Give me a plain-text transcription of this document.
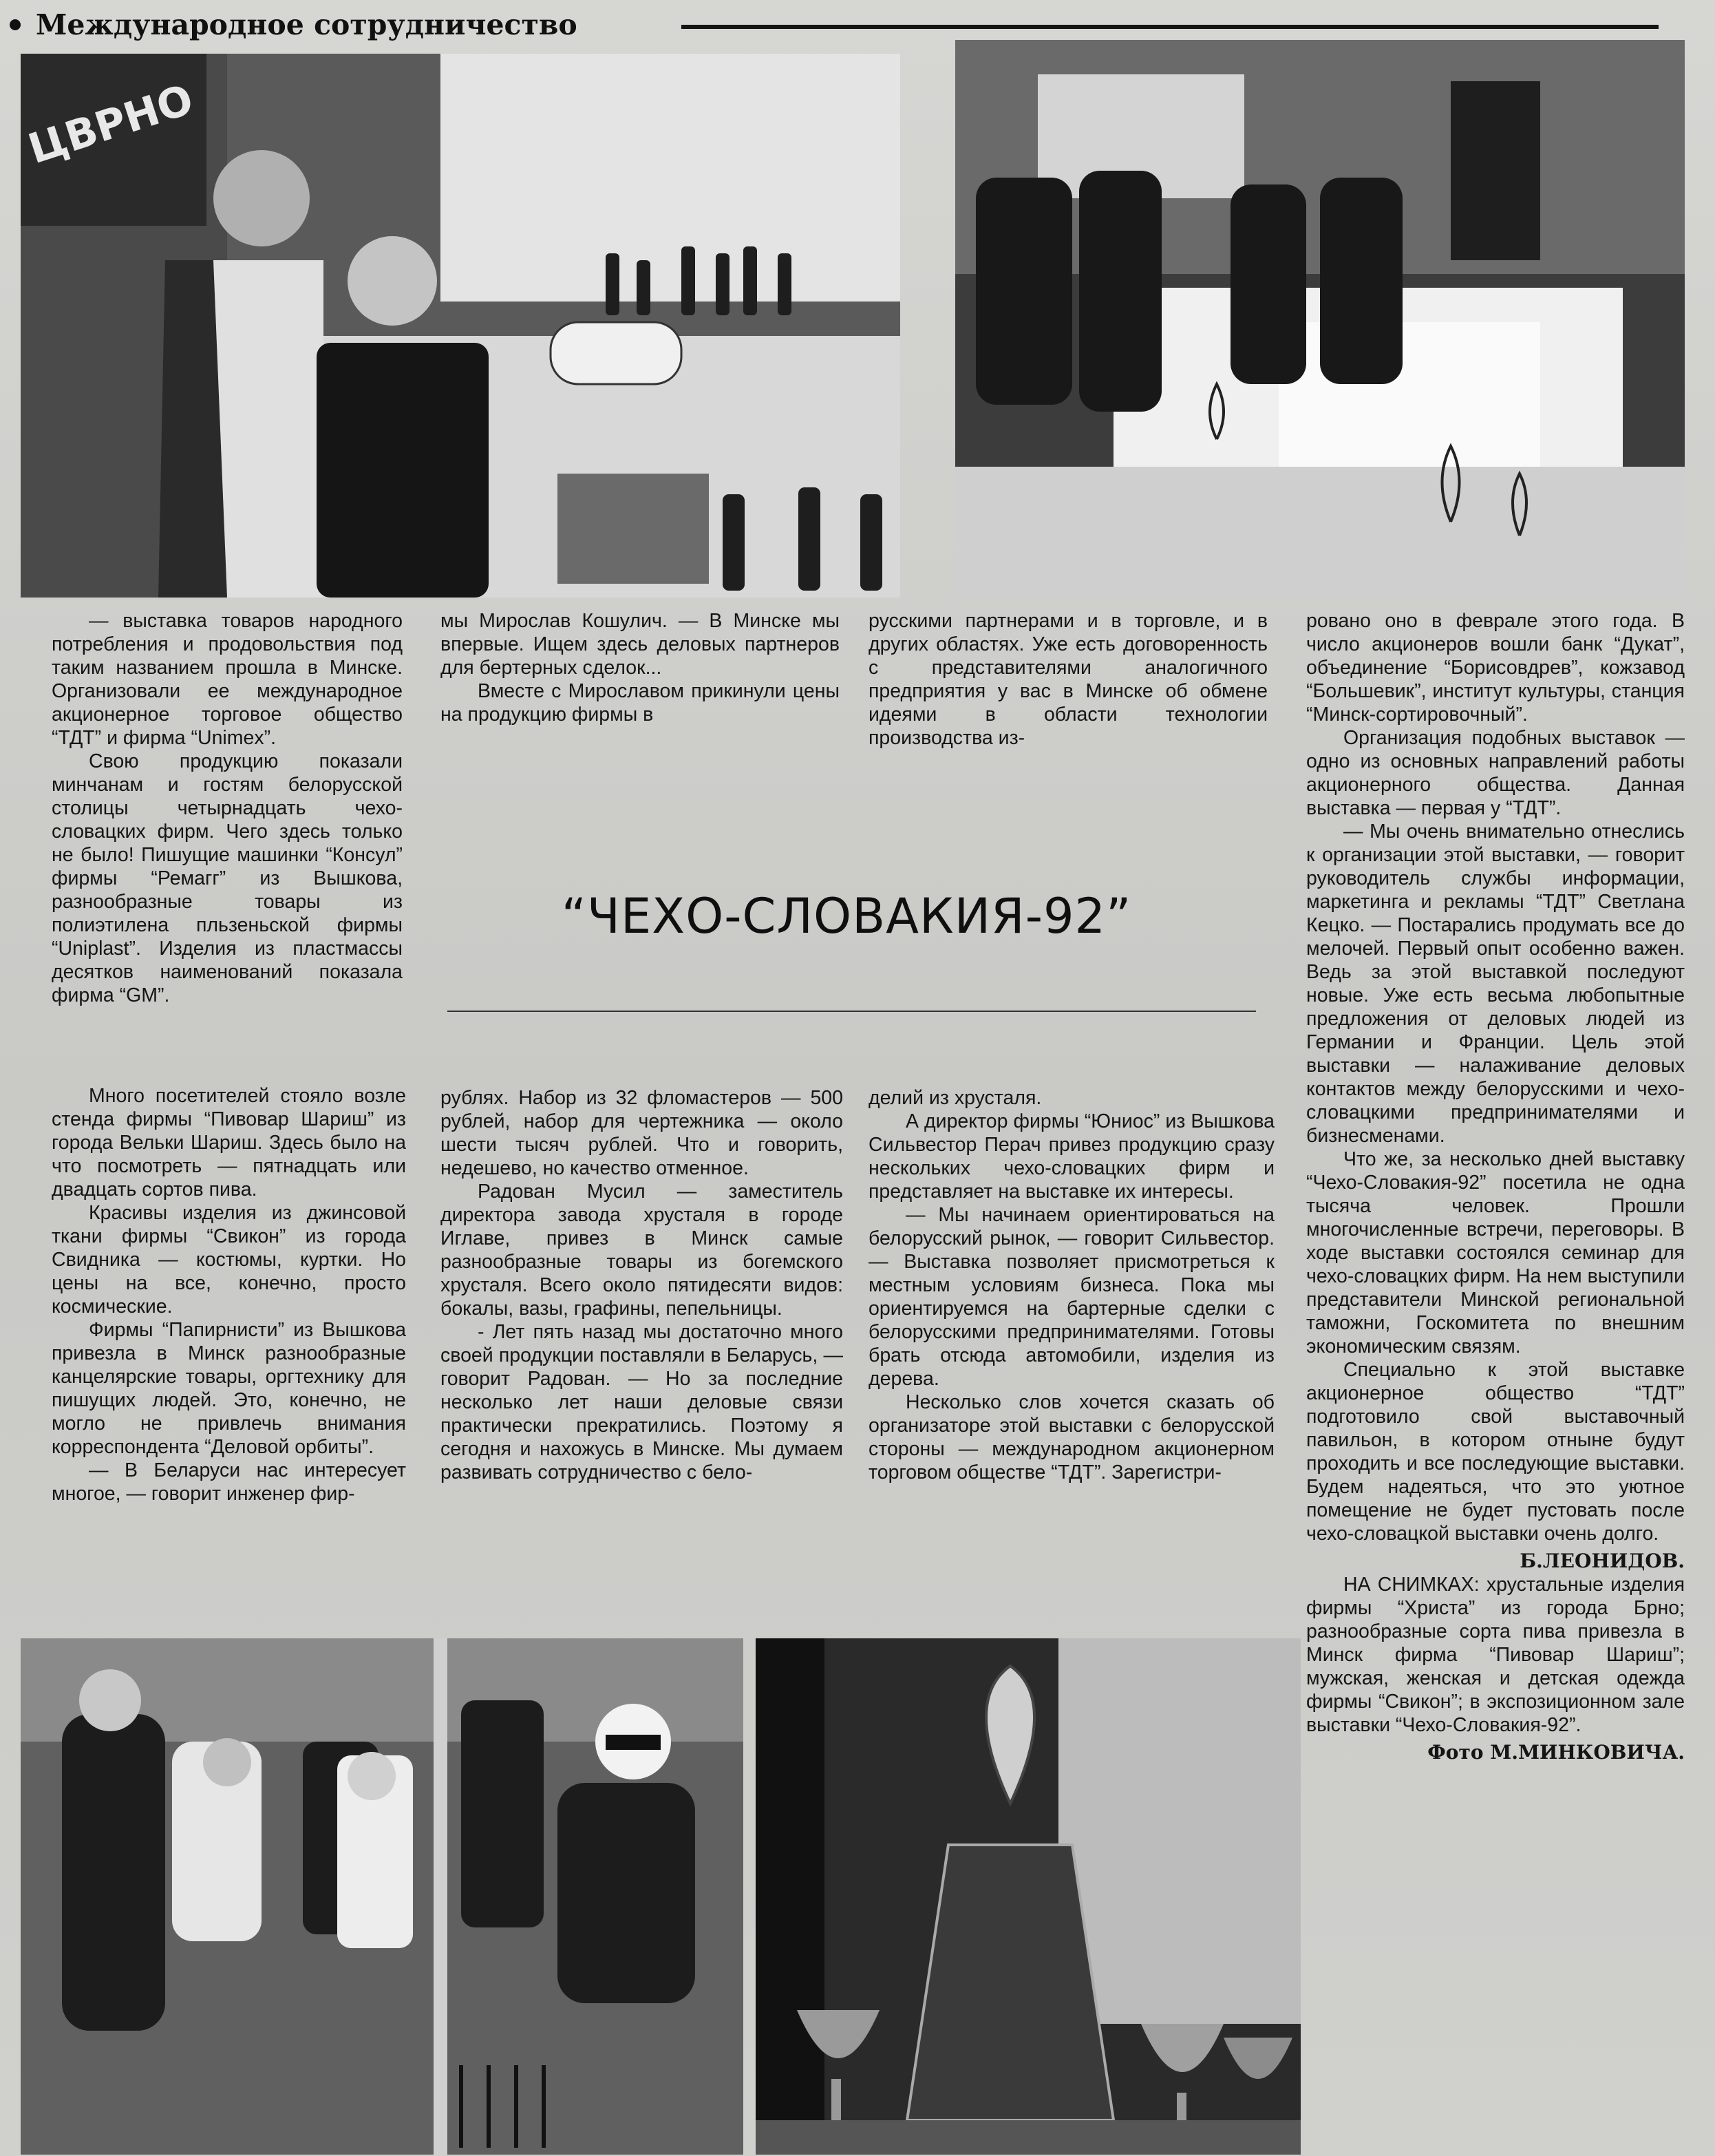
Международное сотрудничество
ЦВРНО

— выставка товаров народного потребления и продовольствия под таким названием прошла в Минске. Организовали ее международное акционерное торговое общество “ТДТ” и фирма “Unimex”.

Свою продукцию показали минчанам и гостям белорусской столицы четырнадцать чехо-словацких фирм. Чего здесь только не было! Пишущие машинки “Консул” фирмы “Ремагг” из Вышкова, разнообразные товары из полиэтилена пльзеньской фирмы “Uniplast”. Изделия из пластмассы десятков наименований показала фирма “GM”.

мы Мирослав Кошулич. — В Минске мы впервые. Ищем здесь деловых партнеров для бертерных сделок...

Вместе с Мирославом прикинули цены на продукцию фирмы в

русскими партнерами и в торговле, и в других областях. Уже есть договоренность с представителями аналогичного предприятия у вас в Минске об обмене идеями в области технологии производства из-

“ЧЕХО-СЛОВАКИЯ-92”

Много посетителей стояло возле стенда фирмы “Пивовар Шариш” из города Вельки Шариш. Здесь было на что посмотреть — пятнадцать или двадцать сортов пива.

Красивы изделия из джинсовой ткани фирмы “Свикон” из города Свидника — костюмы, куртки. Но цены на все, конечно, просто космические.

Фирмы “Папирнисти” из Вышкова привезла в Минск разнообразные канцелярские товары, оргтехнику для пишущих людей. Это, конечно, не могло не привлечь внимания корреспондента “Деловой орбиты”.

— В Беларуси нас интересует многое, — говорит инженер фир-

рублях. Набор из 32 фломастеров — 500 рублей, набор для чертежника — около шести тысяч рублей. Что и говорить, недешево, но качество отменное.

Радован Мусил — заместитель директора завода хрусталя в городе Иглаве, привез в Минск самые разнообразные товары из богемского хрусталя. Всего около пятидесяти видов: бокалы, вазы, графины, пепельницы.

- Лет пять назад мы достаточно много своей продукции поставляли в Беларусь, — говорит Радован. — Но за последние несколько лет наши деловые связи практически прекратились. Поэтому я сегодня и нахожусь в Минске. Мы думаем развивать сотрудничество с бело-

делий из хрусталя.

А директор фирмы “Юниос” из Вышкова Сильвестор Перач привез продукцию сразу нескольких чехо-словацких фирм и представляет на выставке их интересы.

— Мы начинаем ориентироваться на белорусский рынок, — говорит Сильвестор. — Выставка позволяет присмотреться к местным условиям бизнеса. Пока мы ориентируемся на бартерные сделки с белорусскими предпринимателями. Готовы брать отсюда автомобили, изделия из дерева.

Несколько слов хочется сказать об организаторе этой выставки с белорусской стороны — международном акционерном торговом обществе “ТДТ”. Зарегистри-

ровано оно в феврале этого года. В число акционеров вошли банк “Дукат”, объединение “Борисовдрев”, кожзавод “Большевик”, институт культуры, станция “Минск-сортировочный”.

Организация подобных выставок — одно из основных направлений работы акционерного общества. Данная выставка — первая у “ТДТ”.

— Мы очень внимательно отнеслись к организации этой выставки, — говорит руководитель службы информации, маркетинга и рекламы “ТДТ” Светлана Кецко. — Постарались продумать все до мелочей. Первый опыт особенно важен. Ведь за этой выставкой последуют новые. Уже есть весьма любопытные предложения от деловых людей из Германии и Франции. Цель этой выставки — налаживание деловых контактов между белорусскими и чехо-словацкими предпринимателями и бизнесменами.

Что же, за несколько дней выставку “Чехо-Словакия-92” посетила не одна тысяча человек. Прошли многочисленные встречи, переговоры. В ходе выставки состоялся семинар для чехо-словацких фирм. На нем выступили представители Минской региональной таможни, Госкомитета по внешним экономическим связям.

Специально к этой выставке акционерное общество “ТДТ” подготовило свой выставочный павильон, в котором отныне будут проходить и все последующие выставки. Будем надеяться, что это уютное помещение не будет пустовать после чехо-словацкой выставки очень долго.

Б.ЛЕОНИДОВ.

НА СНИМКАХ: хрустальные изделия фирмы “Христа” из города Брно; разнообразные сорта пива привезла в Минск фирма “Пивовар Шариш”; мужская, женская и детская одежда фирмы “Свикон”; в экспозиционном зале выставки “Чехо-Словакия-92”.

Фото М.МИНКОВИЧА.
